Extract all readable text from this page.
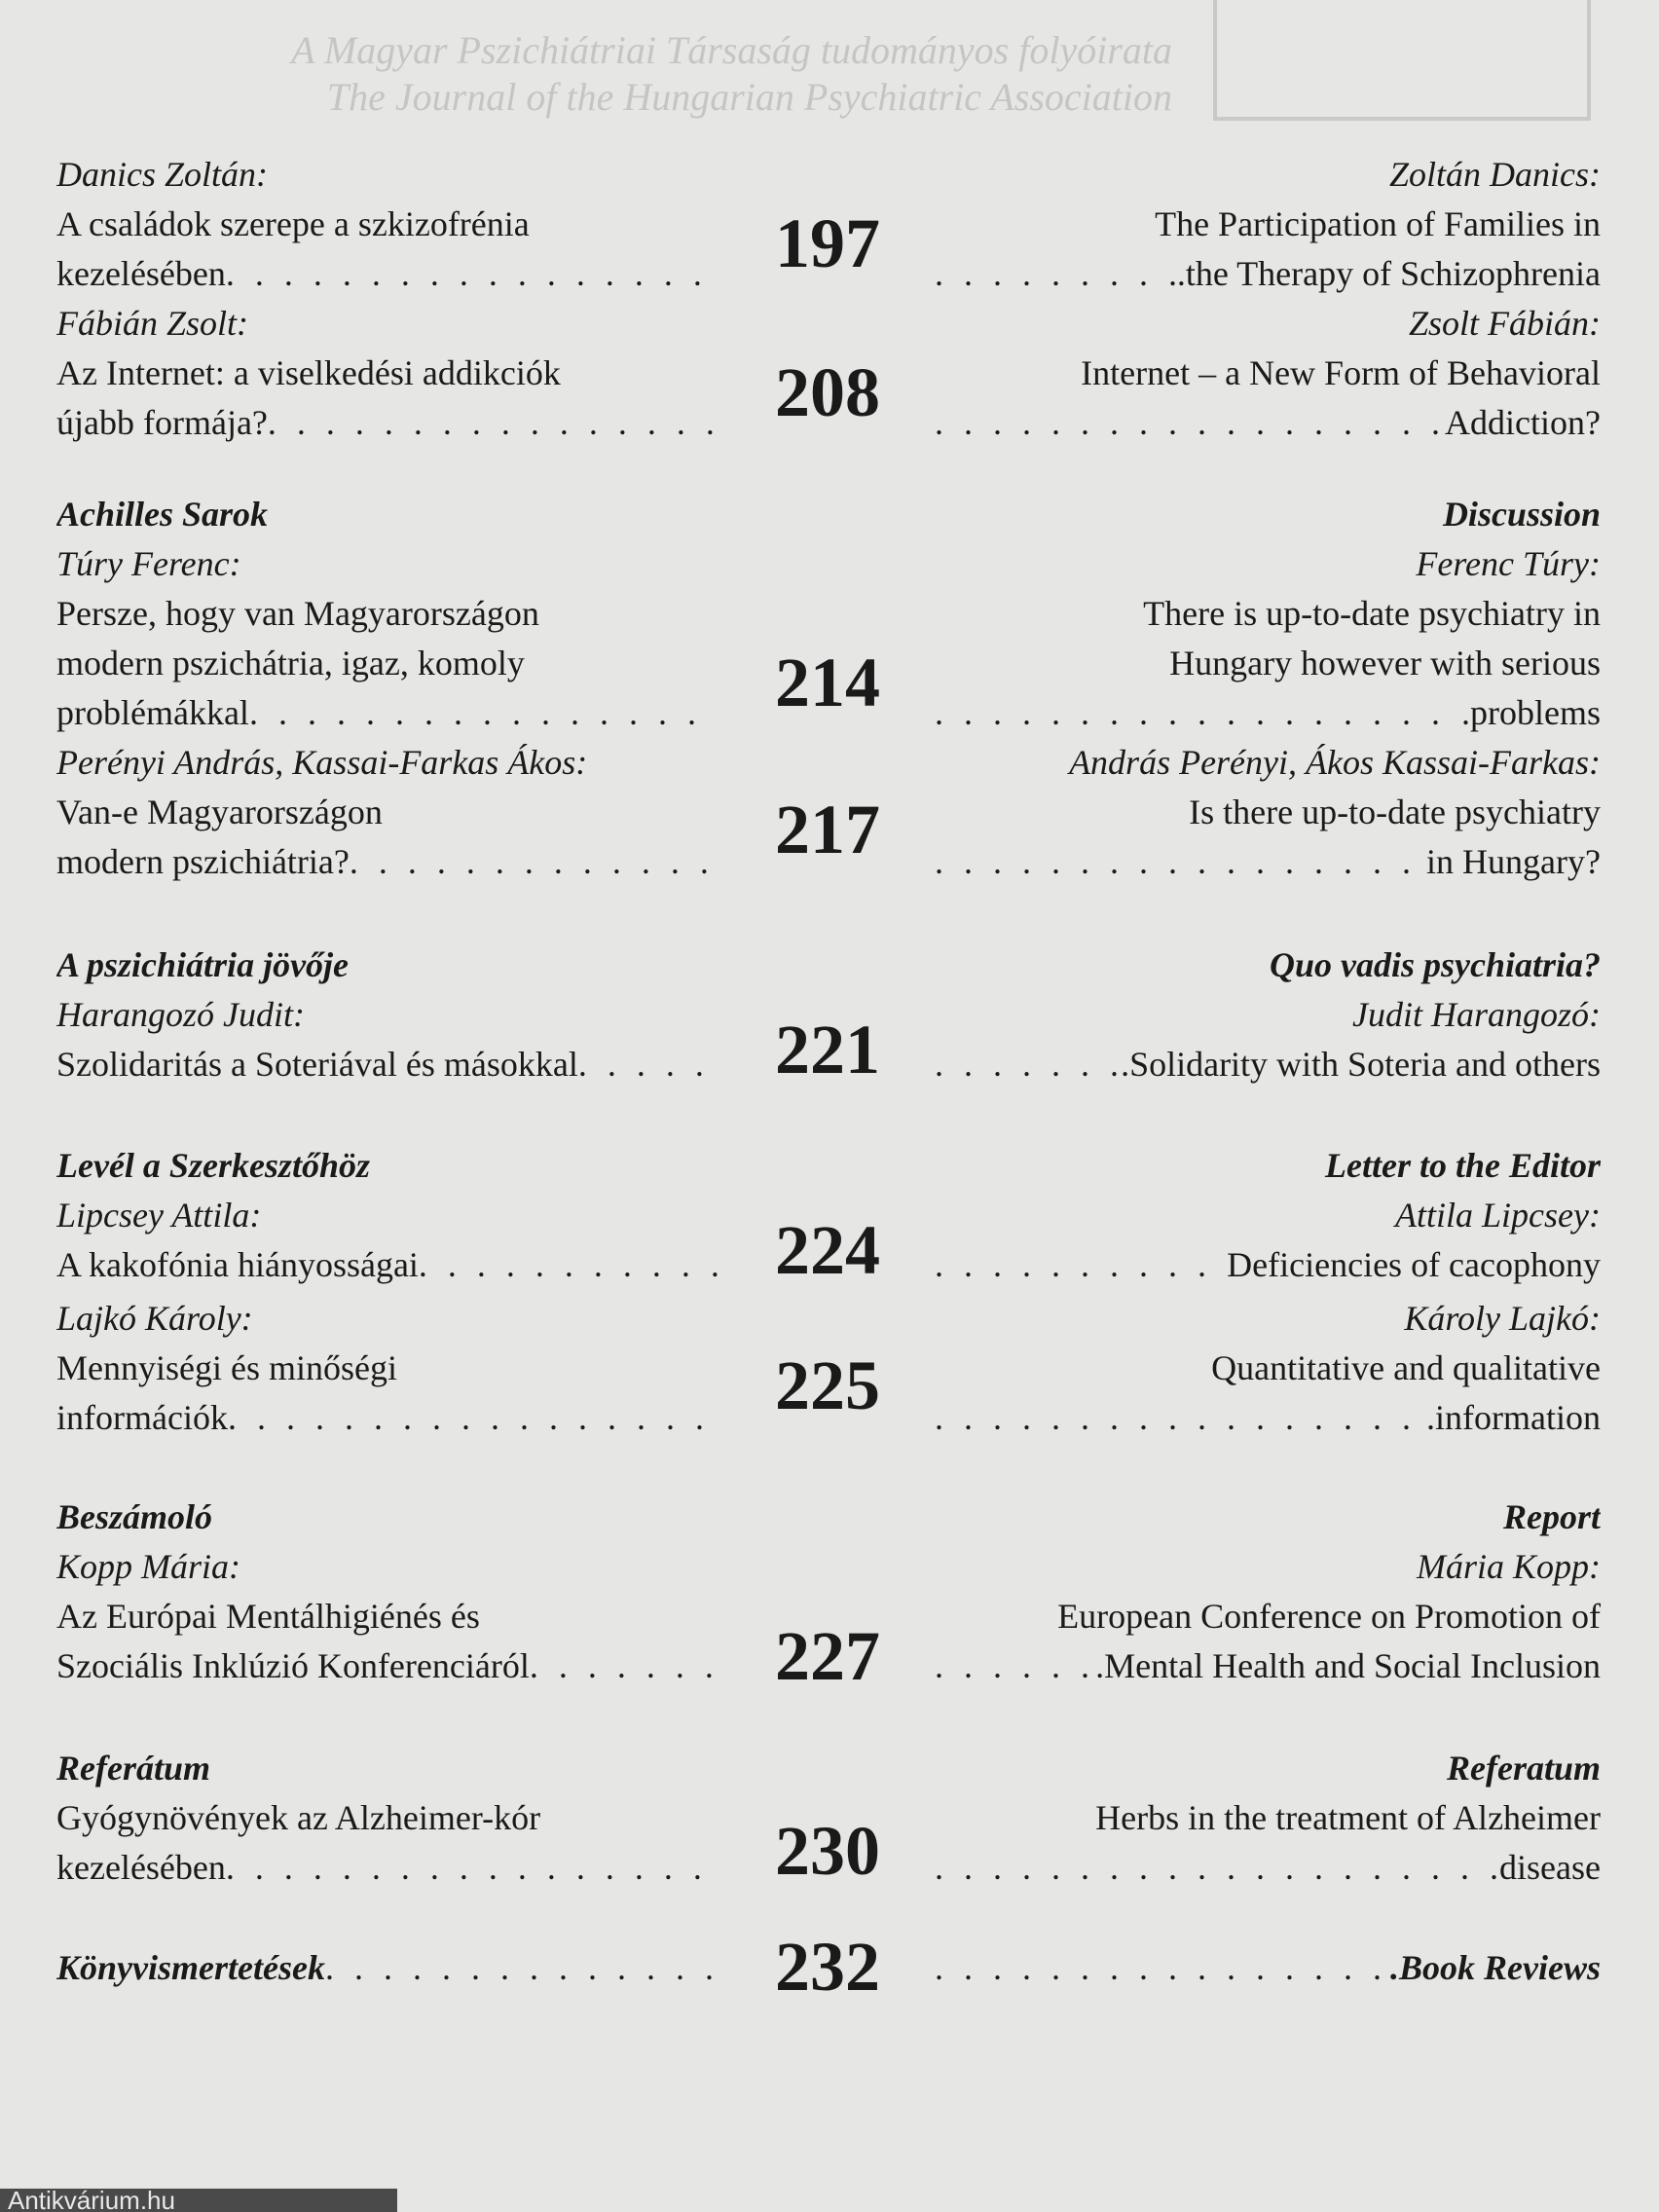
A Magyar Pszichiátriai Társaság tudományos folyóirata
The Journal of the Hungarian Psychiatric Association
Danics Zoltán:
A családok szerepe a szkizofrénia
kezelésében . . .	197
Zoltán Danics:
The Participation of Families in
. . .
.the Therapy of Schizophrenia
Fábián Zsolt:
Az Internet: a viselkedési addikciók
újabb formája? . . .	208
Zsolt Fábián:
Internet – a New Form of Behavioral
. . .
Addiction?
Achilles Sarok
Túry Ferenc:
Persze, hogy van Magyarországon
modern pszichátria, igaz, komoly
problémákkal . . .	214
Discussion
Ferenc Túry:
There is up-to-date psychiatry in
Hungary however with serious
. . .
.problems
Perényi András, Kassai-Farkas Ákos:
Van-e Magyarországon
modern pszichiátria? . . .	217
András Perényi, Ákos Kassai-Farkas:
Is there up-to-date psychiatry
. . .
in Hungary?
A pszichiátria jövője
Harangozó Judit:
Szolidaritás a Soteriával és másokkal . . .	221
Quo vadis psychiatria?
Judit Harangozó:
. . .
.Solidarity with Soteria and others
Levél a Szerkesztőhöz
Lipcsey Attila:
A kakofónia hiányosságai . . .	224
Letter to the Editor
Attila Lipcsey:
. . .
Deficiencies of cacophony
Lajkó Károly:
Mennyiségi és minőségi
információk . . .	225
Károly Lajkó:
Quantitative and qualitative
. . .
.information
Beszámoló
Kopp Mária:
Az Európai Mentálhigiénés és
Szociális Inklúzió Konferenciáról . . .	227
Report
Mária Kopp:
European Conference on Promotion of
. . .
.Mental Health and Social Inclusion
Referátum
Gyógynövények az Alzheimer-kór
kezelésében . . .	230
Referatum
Herbs in the treatment of Alzheimer
. . .
disease
Könyvismertetések . . .	232 . . .	.Book Reviews
Antikvárium.hu
